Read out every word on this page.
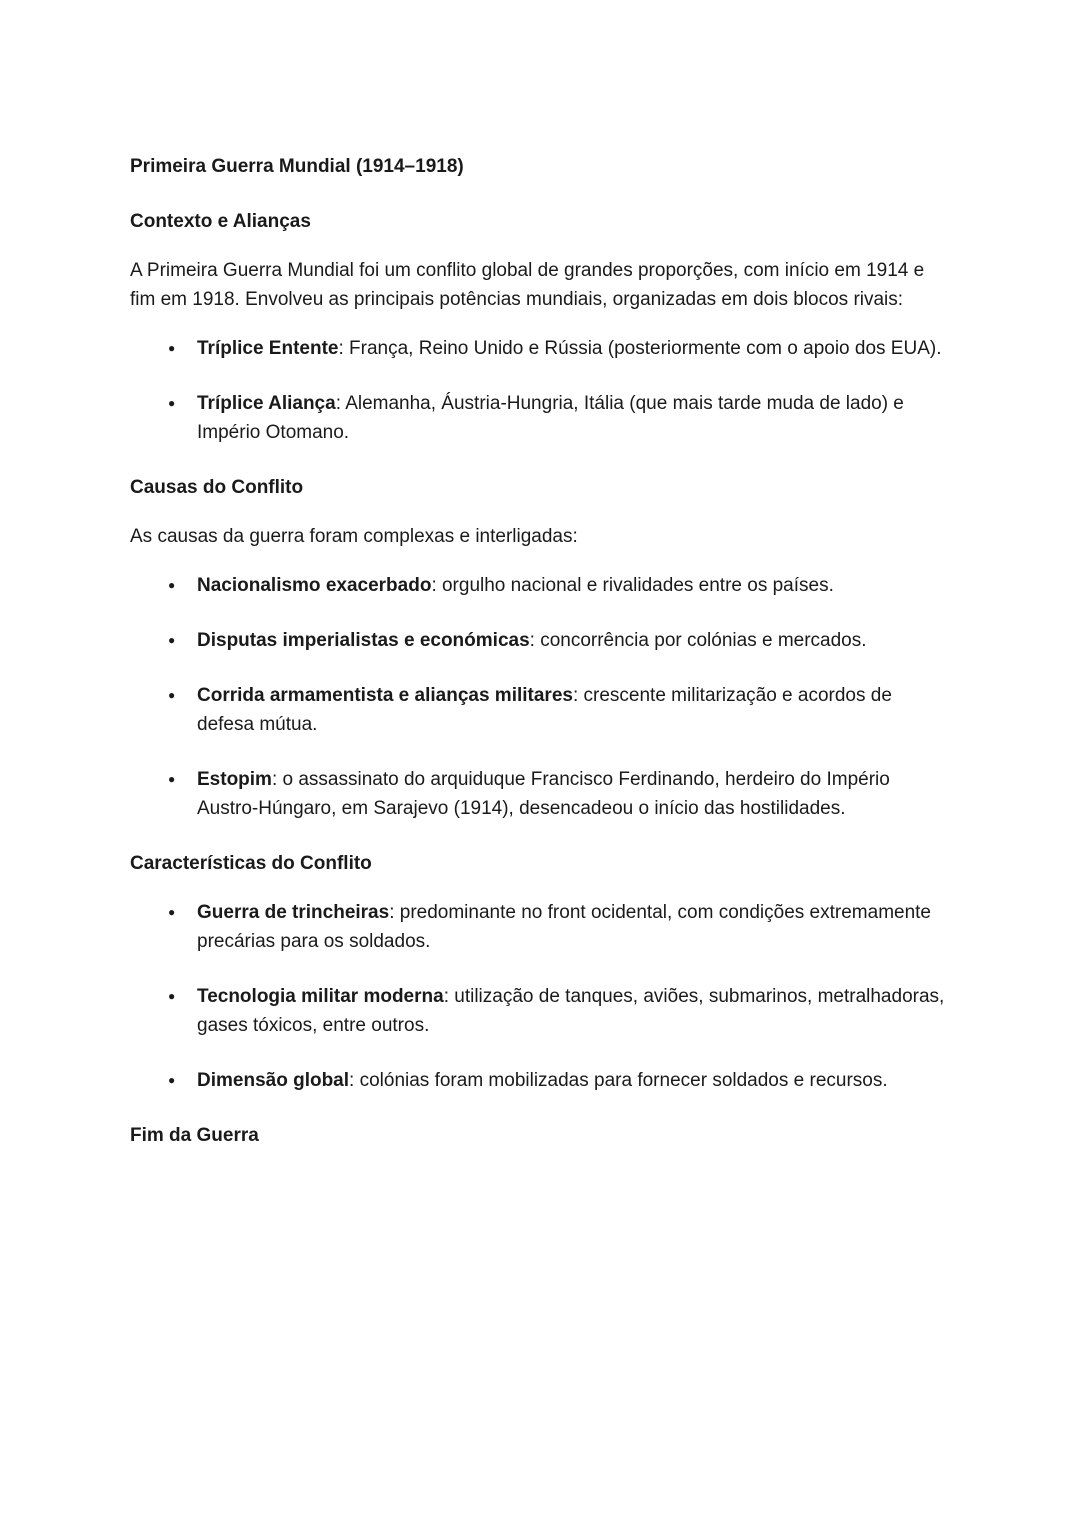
Primeira Guerra Mundial (1914–1918)
Contexto e Alianças

A Primeira Guerra Mundial foi um conflito global de grandes proporções, com início em 1914 e fim em 1918. Envolveu as principais potências mundiais, organizadas em dois blocos rivais:

● Tríplice Entente: França, Reino Unido e Rússia (posteriormente com o apoio dos EUA).
● Tríplice Aliança: Alemanha, Áustria-Hungria, Itália (que mais tarde muda de lado) e Império Otomano.
Causas do Conflito

As causas da guerra foram complexas e interligadas:

● Nacionalismo exacerbado: orgulho nacional e rivalidades entre os países.
● Disputas imperialistas e económicas: concorrência por colónias e mercados.
● Corrida armamentista e alianças militares: crescente militarização e acordos de defesa mútua.
● Estopim: o assassinato do arquiduque Francisco Ferdinando, herdeiro do Império Austro-Húngaro, em Sarajevo (1914), desencadeou o início das hostilidades.
Características do Conflito
● Guerra de trincheiras: predominante no front ocidental, com condições extremamente precárias para os soldados.
● Tecnologia militar moderna: utilização de tanques, aviões, submarinos, metralhadoras, gases tóxicos, entre outros.
● Dimensão global: colónias foram mobilizadas para fornecer soldados e recursos.
Fim da Guerra
